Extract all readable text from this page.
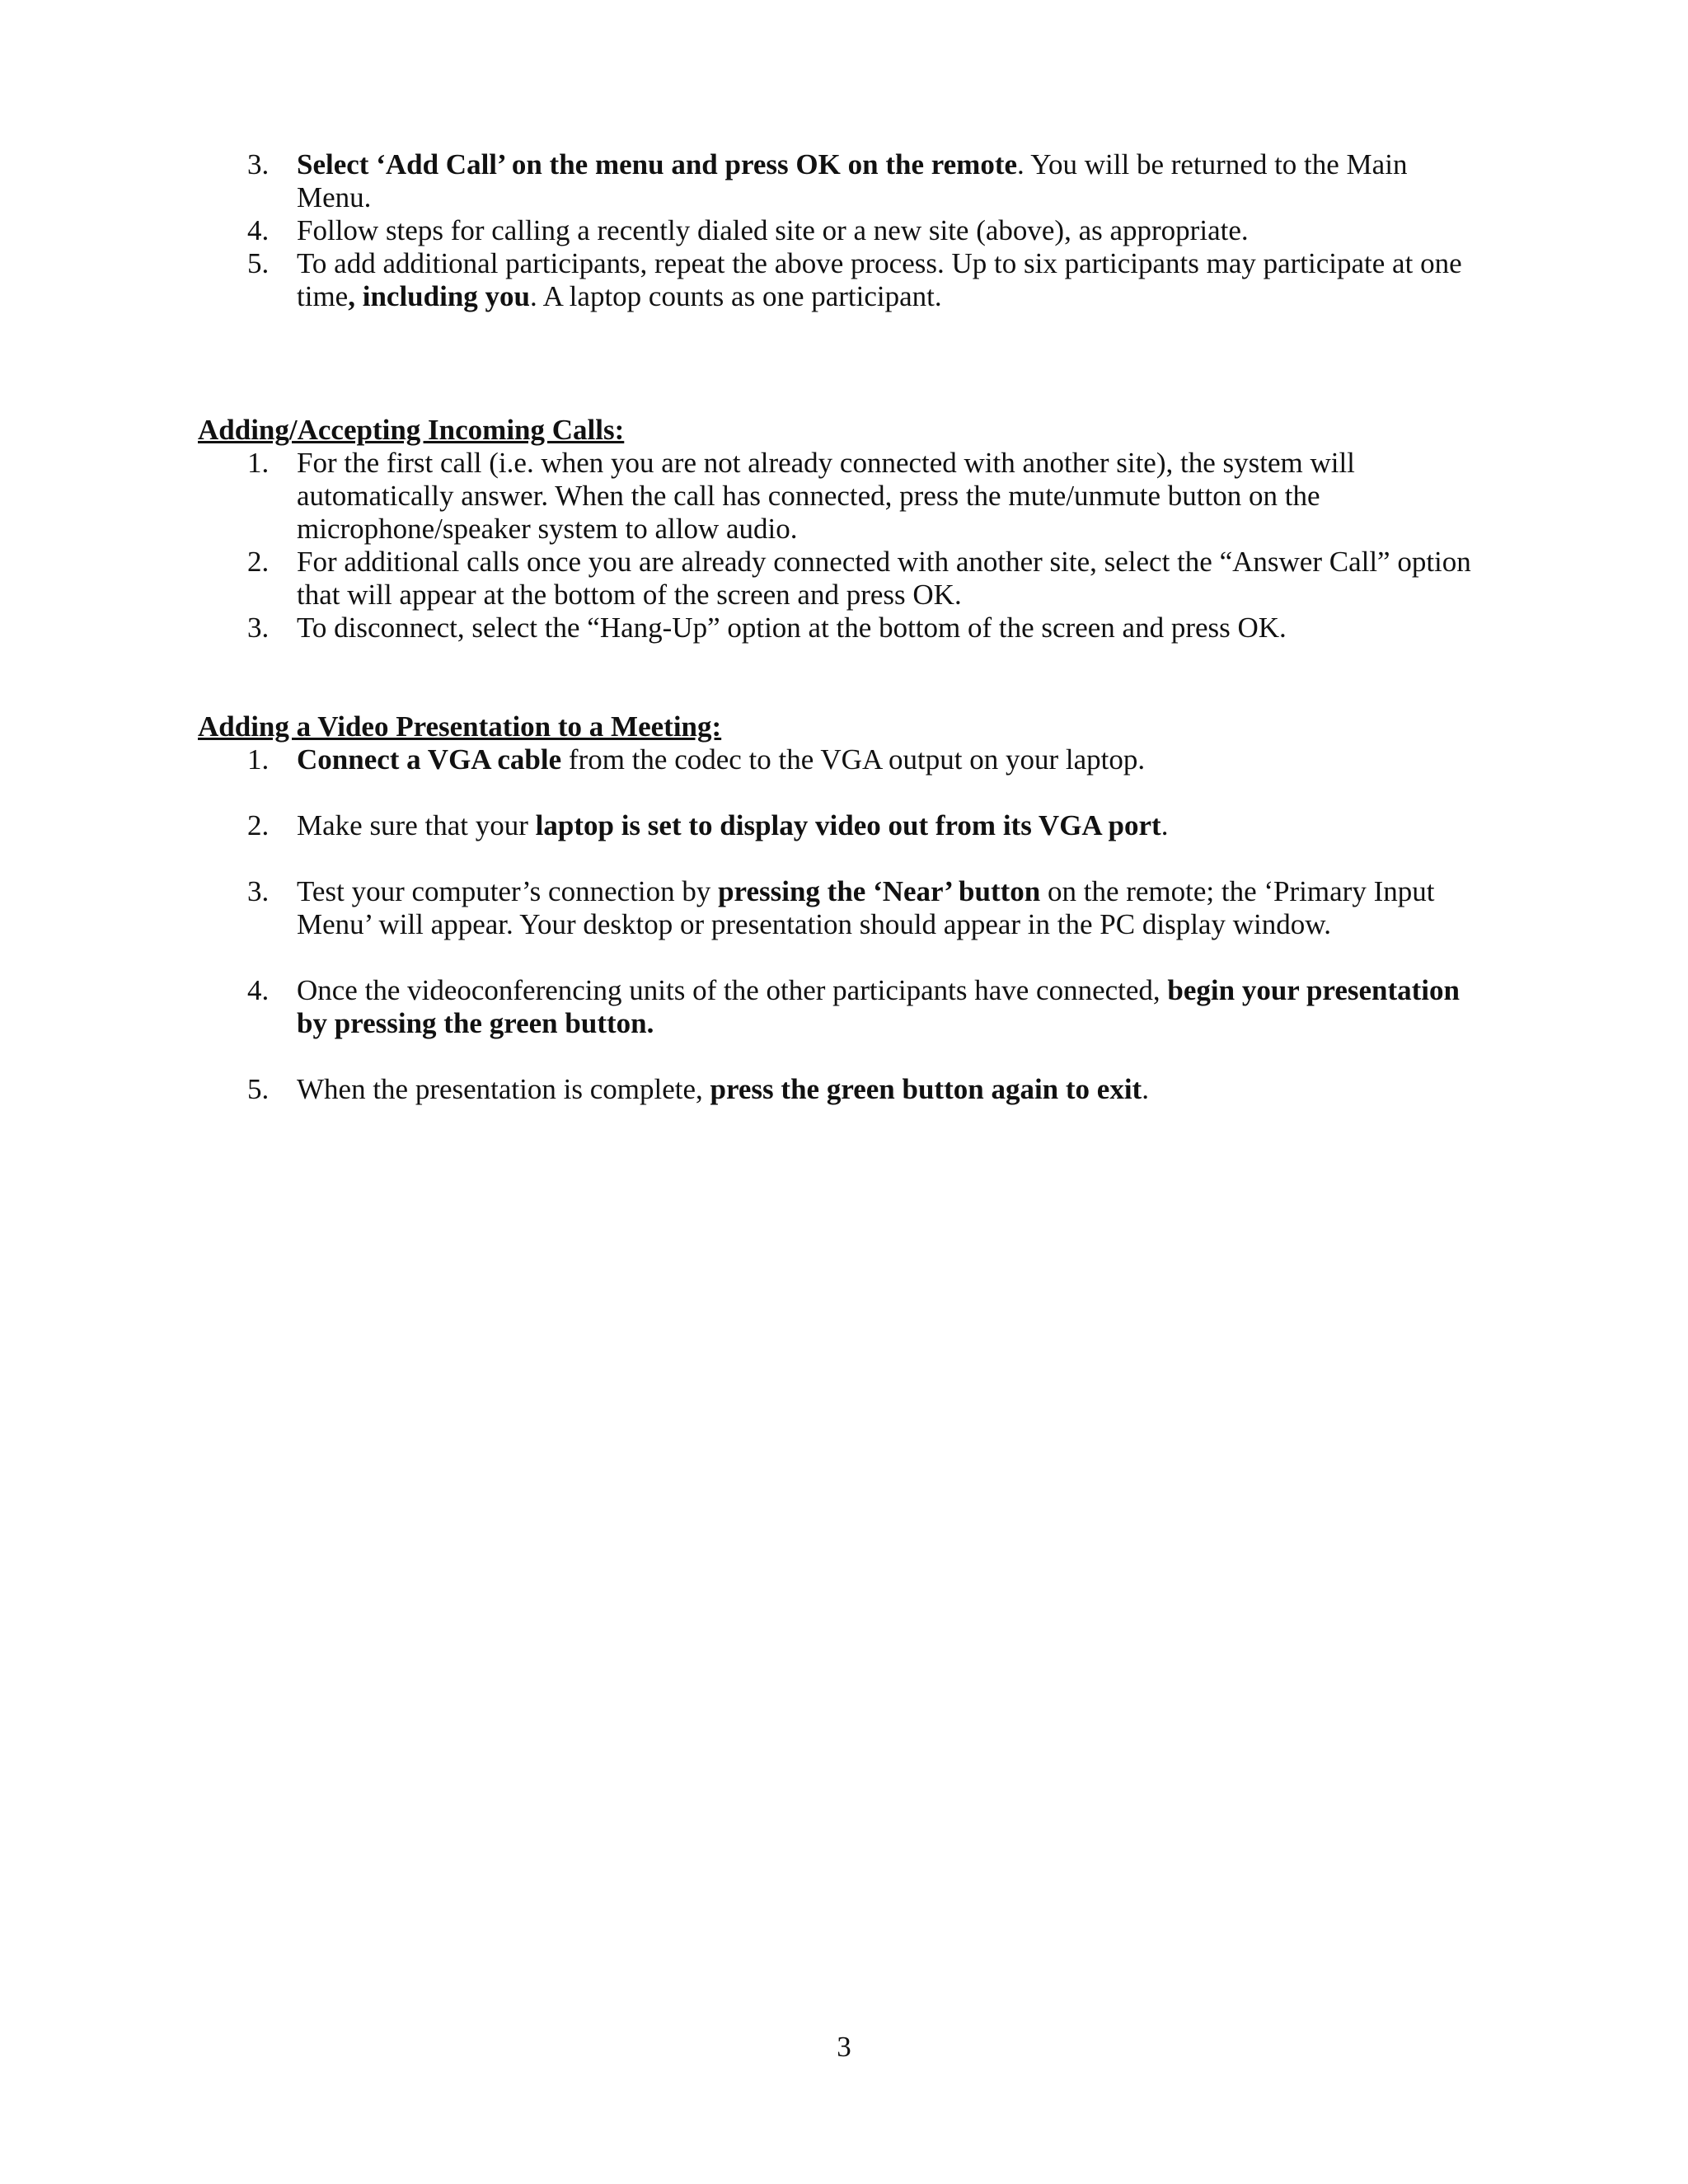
3. Select ‘Add Call’ on the menu and press OK on the remote. You will be returned to the Main Menu.
4. Follow steps for calling a recently dialed site or a new site (above), as appropriate.
5. To add additional participants, repeat the above process. Up to six participants may participate at one time, including you. A laptop counts as one participant.

Adding/Accepting Incoming Calls:

1. For the first call (i.e. when you are not already connected with another site), the system will automatically answer. When the call has connected, press the mute/unmute button on the microphone/speaker system to allow audio.
2. For additional calls once you are already connected with another site, select the “Answer Call” option that will appear at the bottom of the screen and press OK.
3. To disconnect, select the “Hang-Up” option at the bottom of the screen and press OK.

Adding a Video Presentation to a Meeting:

1. Connect a VGA cable from the codec to the VGA output on your laptop.
2. Make sure that your laptop is set to display video out from its VGA port.
3. Test your computer’s connection by pressing the ‘Near’ button on the remote; the ‘Primary Input Menu’ will appear. Your desktop or presentation should appear in the PC display window.
4. Once the videoconferencing units of the other participants have connected, begin your presentation by pressing the green button.
5. When the presentation is complete, press the green button again to exit.
3
